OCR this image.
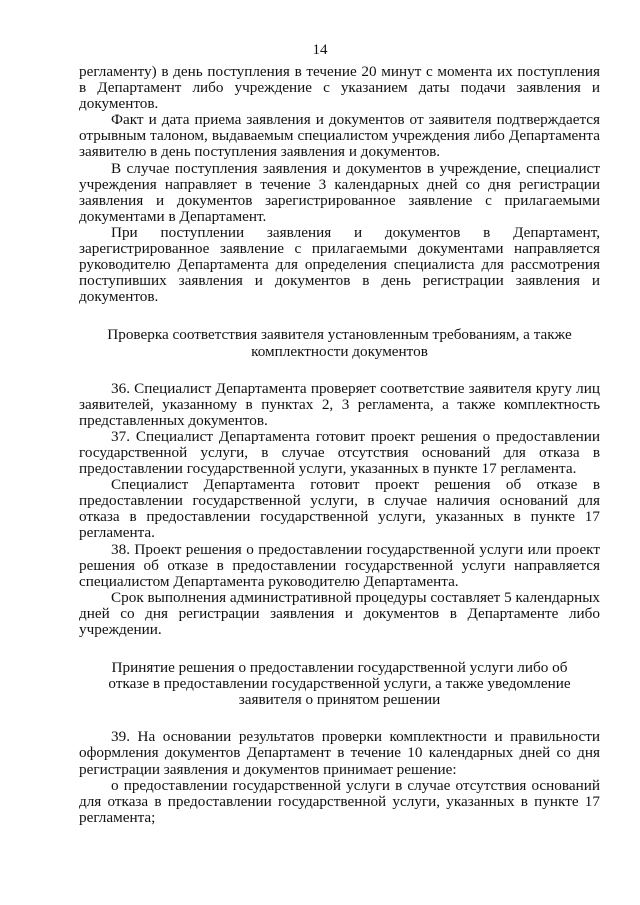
14

регламенту) в день поступления в течение 20 минут с момента их поступления в Департамент либо учреждение с указанием даты подачи заявления и документов.

Факт и дата приема заявления и документов от заявителя подтверждается отрывным талоном, выдаваемым специалистом учреждения либо Департамента заявителю в день поступления заявления и документов.

В случае поступления заявления и документов в учреждение, специалист учреждения направляет в течение 3 календарных дней со дня регистрации заявления и документов зарегистрированное заявление с прилагаемыми документами в Департамент.

При поступлении заявления и документов в Департамент, зарегистрированное заявление с прилагаемыми документами направляется руководителю Департамента для определения специалиста для рассмотрения поступивших заявления и документов в день регистрации заявления и документов.

Проверка соответствия заявителя установленным требованиям, а также комплектности документов

36. Специалист Департамента проверяет соответствие заявителя кругу лиц заявителей, указанному в пунктах 2, 3 регламента, а также комплектность представленных документов.

37. Специалист Департамента готовит проект решения о предоставлении государственной услуги, в случае отсутствия оснований для отказа в предоставлении государственной услуги, указанных в пункте 17 регламента.

Специалист Департамента готовит проект решения об отказе в предоставлении государственной услуги, в случае наличия оснований для отказа в предоставлении государственной услуги, указанных в пункте 17 регламента.

38. Проект решения о предоставлении государственной услуги или проект решения об отказе в предоставлении государственной услуги направляется специалистом Департамента руководителю Департамента.

Срок выполнения административной процедуры составляет 5 календарных дней со дня регистрации заявления и документов в Департаменте либо учреждении.

Принятие решения о предоставлении государственной услуги либо об отказе в предоставлении государственной услуги, а также уведомление заявителя о принятом решении

39. На основании результатов проверки комплектности и правильности оформления документов Департамент в течение 10 календарных дней со дня регистрации заявления и документов принимает решение:

о предоставлении государственной услуги в случае отсутствия оснований для отказа в предоставлении государственной услуги, указанных в пункте 17 регламента;
